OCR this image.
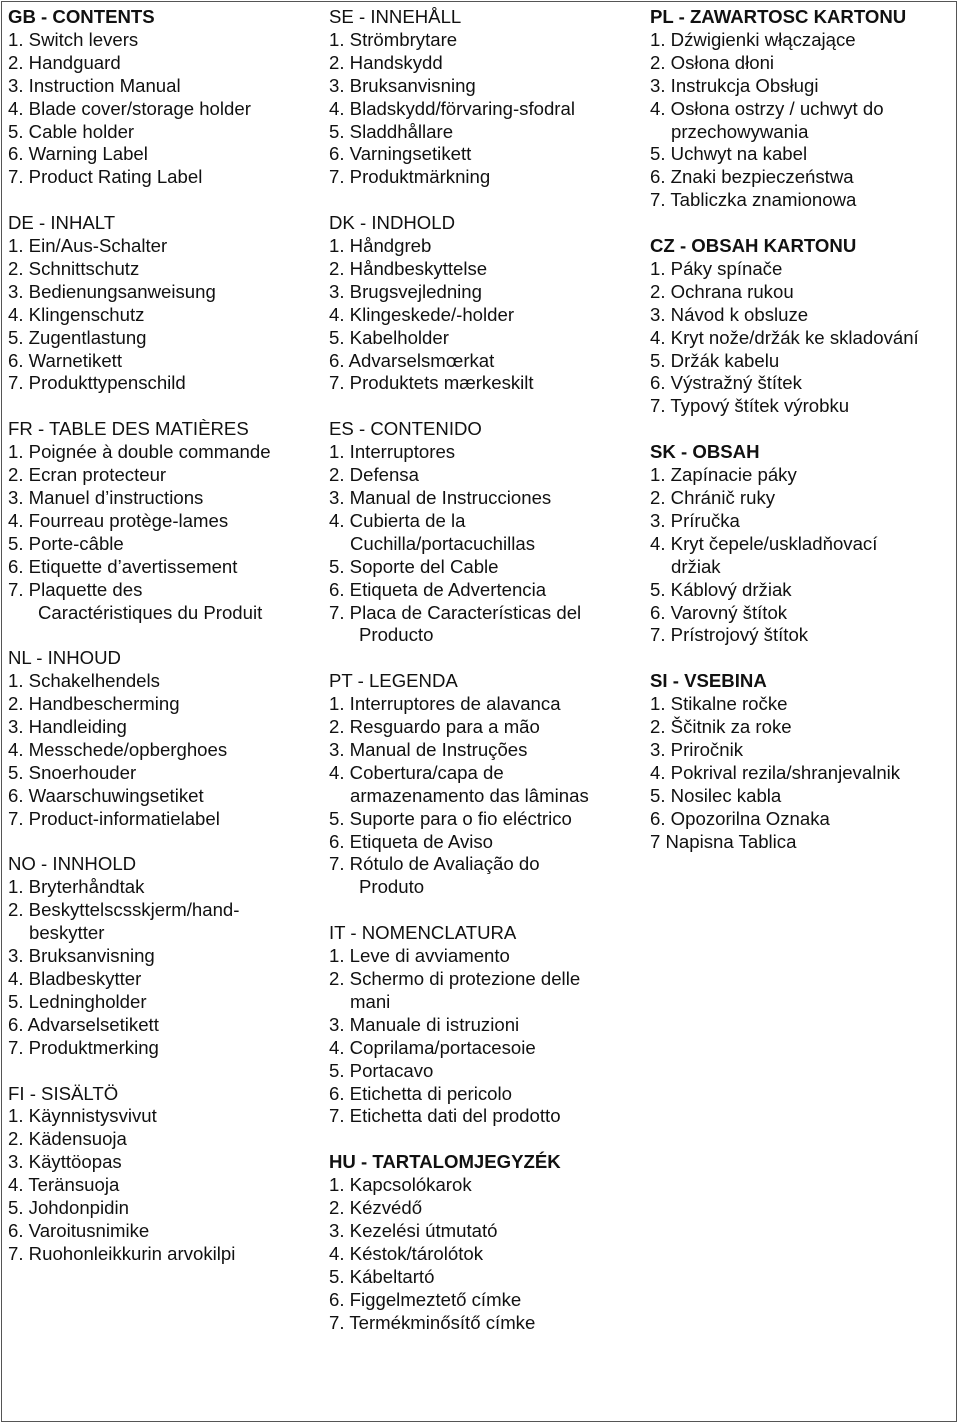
GB - CONTENTS
1. Switch levers
2. Handguard
3. Instruction Manual
4. Blade cover/storage holder
5. Cable holder
6. Warning Label
7. Product Rating Label
DE - INHALT
1. Ein/Aus-Schalter
2. Schnittschutz
3. Bedienungsanweisung
4. Klingenschutz
5. Zugentlastung
6. Warnetikett
7. Produkttypenschild
FR - TABLE DES MATIÈRES
1. Poignée à double commande
2. Ecran protecteur
3. Manuel d’instructions
4. Fourreau protège-lames
5. Porte-câble
6. Etiquette d’avertissement
7. Plaquette des
Caractéristiques du Produit
NL - INHOUD
1. Schakelhendels
2. Handbescherming
3. Handleiding
4. Messchede/opberghoes
5. Snoerhouder
6. Waarschuwingsetiket
7. Product-informatielabel
NO - INNHOLD
1. Bryterhåndtak
2. Beskyttelscsskjerm/hand-
beskytter
3. Bruksanvisning
4. Bladbeskytter
5. Ledningholder
6. Advarselsetikett
7. Produktmerking
FI - SISÄLTÖ
1. Käynnistysvivut
2. Kädensuoja
3. Käyttöopas
4. Teränsuoja
5. Johdonpidin
6. Varoitusnimike
7. Ruohonleikkurin arvokilpi
SE - INNEHÅLL
1. Strömbrytare
2. Handskydd
3. Bruksanvisning
4. Bladskydd/förvaring-sfodral
5. Sladdhållare
6. Varningsetikett
7. Produktmärkning
DK - INDHOLD
1. Håndgreb
2. Håndbeskyttelse
3. Brugsvejledning
4. Klingeskede/-holder
5. Kabelholder
6. Advarselsmœrkat
7. Produktets mærkeskilt
ES - CONTENIDO
1. Interruptores
2. Defensa
3. Manual de Instrucciones
4. Cubierta de la
Cuchilla/portacuchillas
5. Soporte del Cable
6. Etiqueta de Advertencia
7. Placa de Características del
Producto
PT - LEGENDA
1. Interruptores de alavanca
2. Resguardo para a mão
3. Manual de Instruções
4. Cobertura/capa de
armazenamento das lâminas
5. Suporte para o fio eléctrico
6. Etiqueta de Aviso
7. Rótulo de Avaliação do
Produto
IT - NOMENCLATURA
1. Leve di avviamento
2. Schermo di protezione delle
mani
3. Manuale di istruzioni
4. Coprilama/portacesoie
5. Portacavo
6. Etichetta di pericolo
7. Etichetta dati del prodotto
HU - TARTALOMJEGYZÉK
1. Kapcsolókarok
2. Kézvédő
3. Kezelési útmutató
4. Késtok/tárolótok
5. Kábeltartó
6. Figgelmeztető címke
7. Termékminősítő címke
PL - ZAWARTOSC KARTONU
1. Dźwigienki włączające
2. Osłona dłoni
3. Instrukcja Obsługi
4. Osłona ostrzy / uchwyt do
przechowywania
5. Uchwyt na kabel
6. Znaki bezpieczeństwa
7. Tabliczka znamionowa
CZ - OBSAH KARTONU
1. Páky spínače
2. Ochrana rukou
3. Návod k obsluze
4. Kryt nože/držák ke skladování
5. Držák kabelu
6. Výstražný štítek
7. Typový štítek výrobku
SK - OBSAH
1. Zapínacie páky
2. Chránič ruky
3. Príručka
4. Kryt čepele/uskladňovací
držiak
5. Káblový držiak
6. Varovný štítok
7. Prístrojový štítok
SI - VSEBINA
1. Stikalne ročke
2. Ščitnik za roke
3. Priročnik
4. Pokrival rezila/shranjevalnik
5. Nosilec kabla
6. Opozorilna Oznaka
7 Napisna Tablica
